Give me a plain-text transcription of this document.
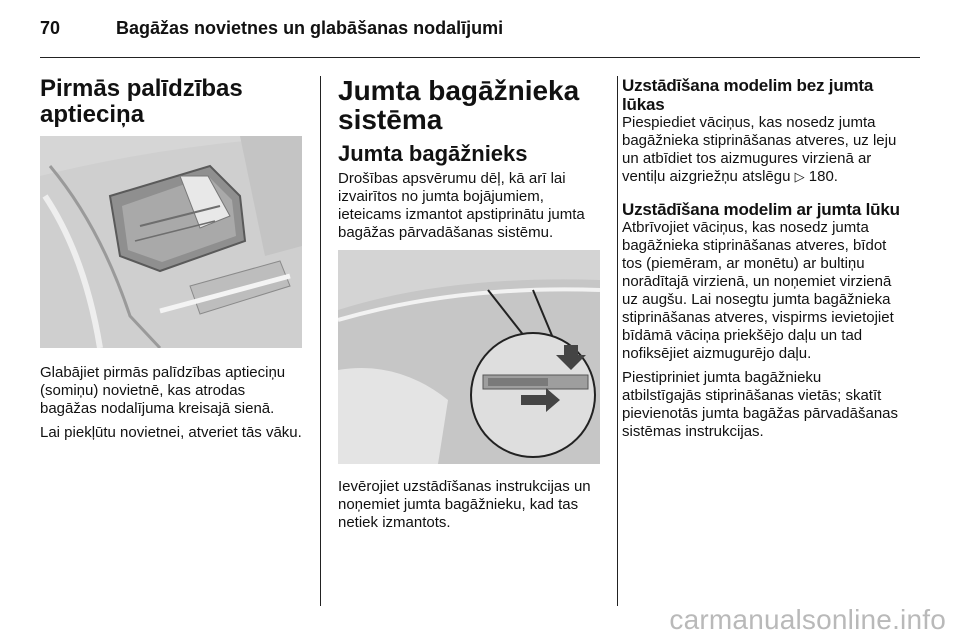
70	Bagāžas novietnes un glabāšanas nodalījumi
Pirmās palīdzības aptieciņa

Glabājiet pirmās palīdzības aptieciņu (somiņu) novietnē, kas atrodas bagāžas nodalījuma kreisajā sienā.

Lai piekļūtu novietnei, atveriet tās vāku.

Jumta bagāžnieka sistēma
Jumta bagāžnieks

Drošības apsvērumu dēļ, kā arī lai izvairītos no jumta bojājumiem, ieteicams izmantot apstiprinātu jumta bagāžas pārvadāšanas sistēmu.

Ievērojiet uzstādīšanas instrukcijas un noņemiet jumta bagāžnieku, kad tas netiek izmantots.

Uzstādīšana modelim bez jumta lūkas

Piespiediet vāciņus, kas nosedz jumta bagāžnieka stiprināšanas atveres, uz leju un atbīdiet tos aizmugures virzienā ar ventiļu aizgriežņu atslēgu ▷ 180.

Uzstādīšana modelim ar jumta lūku

Atbrīvojiet vāciņus, kas nosedz jumta bagāžnieka stiprināšanas atveres, bīdot tos (piemēram, ar monētu) ar bultiņu norādītajā virzienā, un noņemiet virzienā uz augšu. Lai nosegtu jumta bagāžnieka stiprināšanas atveres, vispirms ievietojiet bīdāmā vāciņa priekšējo daļu un tad nofiksējiet aizmugurējo daļu.

Piestipriniet jumta bagāžnieku atbilstīgajās stiprināšanas vietās; skatīt pievienotās jumta bagāžas pārvadāšanas sistēmas instrukcijas.

carmanualsonline.info
